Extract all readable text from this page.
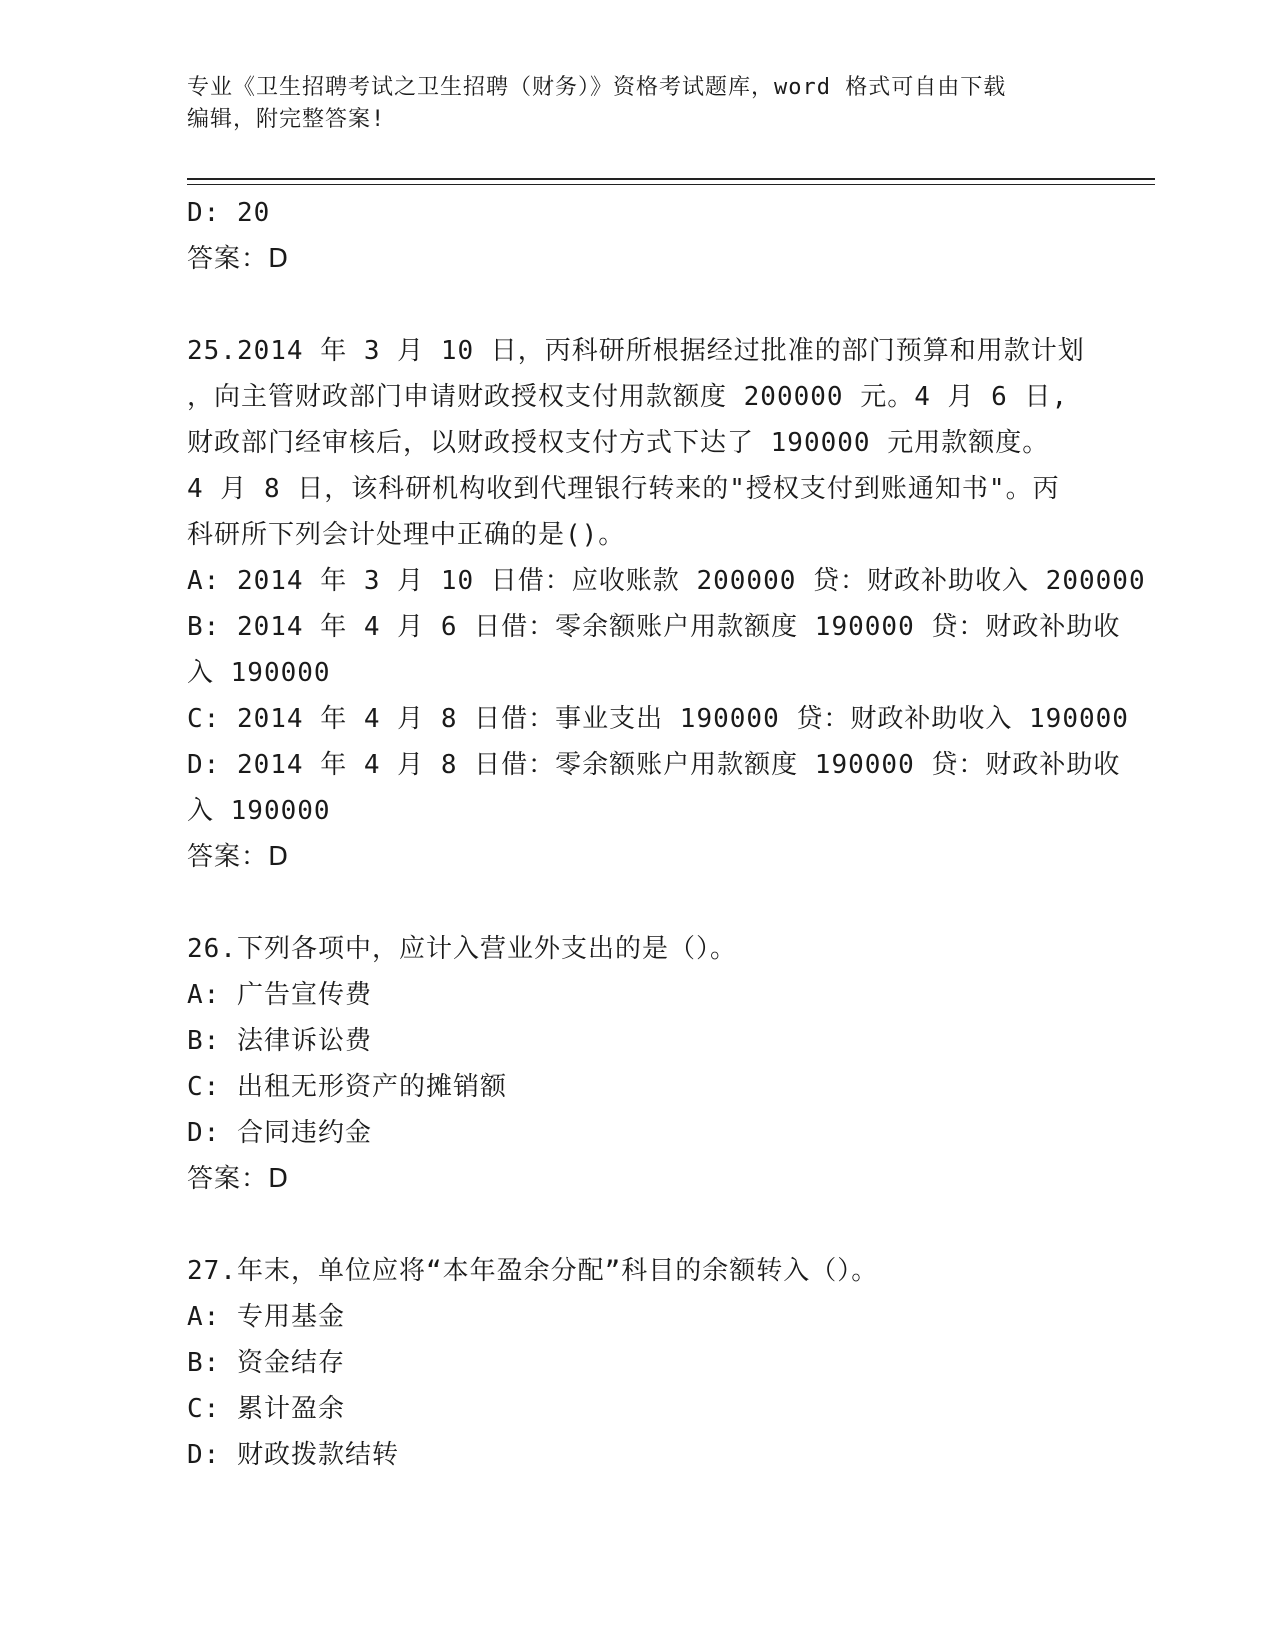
专业《卫生招聘考试之卫生招聘（财务）》资格考试题库，word 格式可自由下载
编辑，附完整答案!
D: 20
答案：D
25.2014 年 3 月 10 日，丙科研所根据经过批准的部门预算和用款计划
，向主管财政部门申请财政授权支付用款额度 200000 元。4 月 6 日,
财政部门经审核后，以财政授权支付方式下达了 190000 元用款额度。
4 月 8 日，该科研机构收到代理银行转来的"授权支付到账通知书"。丙
科研所下列会计处理中正确的是()。
A: 2014 年 3 月 10 日借：应收账款 200000 贷：财政补助收入 200000
B: 2014 年 4 月 6 日借：零余额账户用款额度 190000 贷：财政补助收
入 190000
C: 2014 年 4 月 8 日借：事业支出 190000 贷：财政补助收入 190000
D: 2014 年 4 月 8 日借：零余额账户用款额度 190000 贷：财政补助收
入 190000
答案：D
26.下列各项中，应计入营业外支出的是（）。
A: 广告宣传费
B: 法律诉讼费
C: 出租无形资产的摊销额
D: 合同违约金
答案：D
27.年末，单位应将“本年盈余分配”科目的余额转入（）。
A: 专用基金
B: 资金结存
C: 累计盈余
D: 财政拨款结转
